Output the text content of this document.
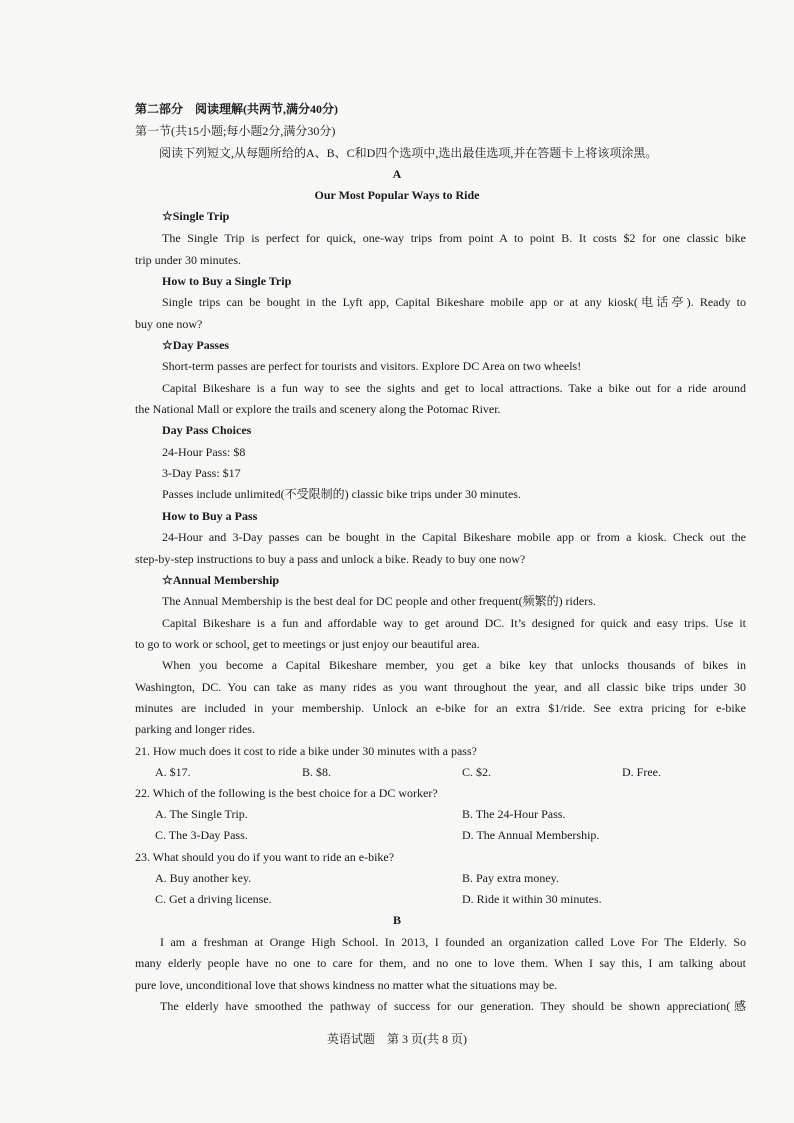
第二部分　阅读理解(共两节,满分40分)
第一节(共15小题;每小题2分,满分30分)
阅读下列短文,从每题所给的A、B、C和D四个选项中,选出最佳选项,并在答题卡上将该项涂黑。
A
Our Most Popular Ways to Ride
☆Single Trip
The Single Trip is perfect for quick, one-way trips from point A to point B. It costs $2 for one classic bike
trip under 30 minutes.
How to Buy a Single Trip
Single trips can be bought in the Lyft app, Capital Bikeshare mobile app or at any kiosk(电话亭). Ready to
buy one now?
☆Day Passes
Short-term passes are perfect for tourists and visitors. Explore DC Area on two wheels!
Capital Bikeshare is a fun way to see the sights and get to local attractions. Take a bike out for a ride around
the National Mall or explore the trails and scenery along the Potomac River.
Day Pass Choices
24-Hour Pass: $8
3-Day Pass: $17
Passes include unlimited(不受限制的) classic bike trips under 30 minutes.
How to Buy a Pass
24-Hour and 3-Day passes can be bought in the Capital Bikeshare mobile app or from a kiosk. Check out the
step-by-step instructions to buy a pass and unlock a bike. Ready to buy one now?
☆Annual Membership
The Annual Membership is the best deal for DC people and other frequent(频繁的) riders.
Capital Bikeshare is a fun and affordable way to get around DC. It’s designed for quick and easy trips. Use it
to go to work or school, get to meetings or just enjoy our beautiful area.
When you become a Capital Bikeshare member, you get a bike key that unlocks thousands of bikes in
Washington, DC. You can take as many rides as you want throughout the year, and all classic bike trips under 30
minutes are included in your membership. Unlock an e-bike for an extra $1/ride. See extra pricing for e-bike
parking and longer rides.
21. How much does it cost to ride a bike under 30 minutes with a pass?
A. $17.	B. $8.	C. $2.	D. Free.
22. Which of the following is the best choice for a DC worker?
A. The Single Trip.	B. The 24-Hour Pass.
C. The 3-Day Pass.	D. The Annual Membership.
23. What should you do if you want to ride an e-bike?
A. Buy another key.	B. Pay extra money.
C. Get a driving license.	D. Ride it within 30 minutes.
B
I am a freshman at Orange High School. In 2013, I founded an organization called Love For The Elderly. So
many elderly people have no one to care for them, and no one to love them. When I say this, I am talking about
pure love, unconditional love that shows kindness no matter what the situations may be.
The elderly have smoothed the pathway of success for our generation. They should be shown appreciation(感
英语试题　第 3 页(共 8 页)
